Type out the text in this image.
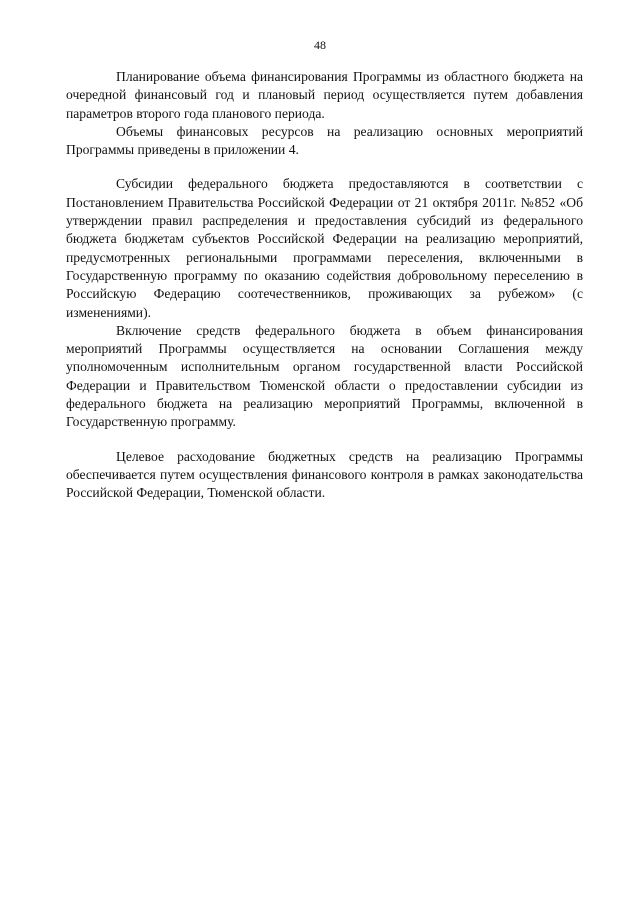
48

Планирование объема финансирования Программы из областного бюджета на очередной финансовый год и плановый период осуществляется путем добавления параметров второго года планового периода.

Объемы финансовых ресурсов на реализацию основных мероприятий Программы приведены в приложении 4.

Субсидии федерального бюджета предоставляются в соответствии с Постановлением Правительства Российской Федерации от 21 октября 2011г. №852 «Об утверждении правил распределения и предоставления субсидий из федерального бюджета бюджетам субъектов Российской Федерации на реализацию мероприятий, предусмотренных региональными программами переселения, включенными в Государственную программу по оказанию содействия добровольному переселению в Российскую Федерацию соотечественников, проживающих за рубежом» (с изменениями).

Включение средств федерального бюджета в объем финансирования мероприятий Программы осуществляется на основании Соглашения между уполномоченным исполнительным органом государственной власти Российской Федерации и Правительством Тюменской области о предоставлении субсидии из федерального бюджета на реализацию мероприятий Программы, включенной в Государственную программу.

Целевое расходование бюджетных средств на реализацию Программы обеспечивается путем осуществления финансового контроля в рамках законодательства Российской Федерации, Тюменской области.
